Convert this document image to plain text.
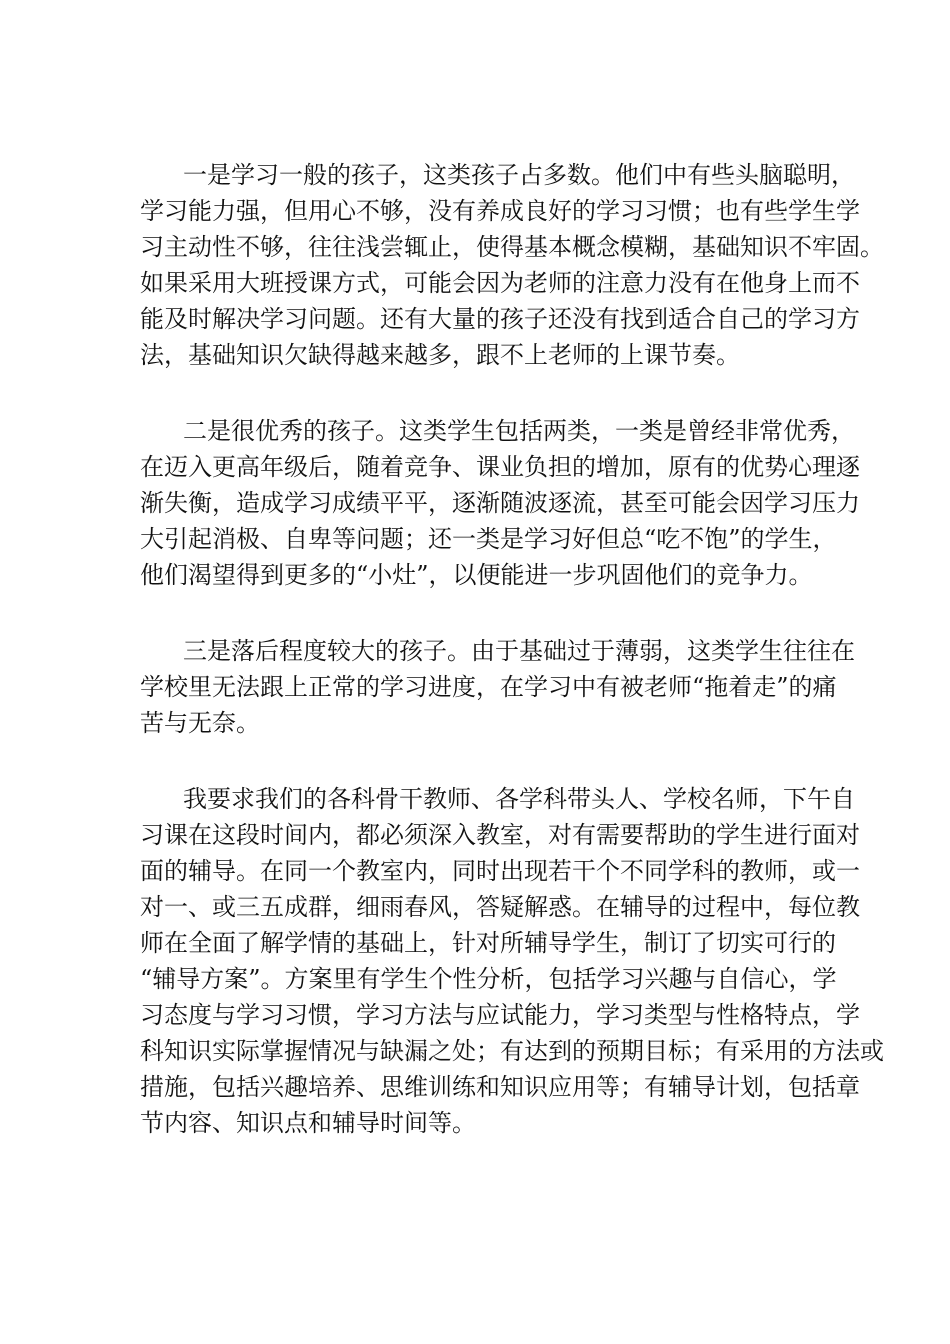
一是学习一般的孩子，这类孩子占多数。他们中有些头脑聪明，

学习能力强，但用心不够，没有养成良好的学习习惯；也有些学生学

习主动性不够，往往浅尝辄止，使得基本概念模糊，基础知识不牢固。

如果采用大班授课方式，可能会因为老师的注意力没有在他身上而不

能及时解决学习问题。还有大量的孩子还没有找到适合自己的学习方

法，基础知识欠缺得越来越多，跟不上老师的上课节奏。

二是很优秀的孩子。这类学生包括两类，一类是曾经非常优秀，

在迈入更高年级后，随着竞争、课业负担的增加，原有的优势心理逐

渐失衡，造成学习成绩平平，逐渐随波逐流，甚至可能会因学习压力

大引起消极、自卑等问题；还一类是学习好但总“吃不饱”的学生，

他们渴望得到更多的“小灶”，以便能进一步巩固他们的竞争力。

三是落后程度较大的孩子。由于基础过于薄弱，这类学生往往在

学校里无法跟上正常的学习进度，在学习中有被老师“拖着走”的痛

苦与无奈。

我要求我们的各科骨干教师、各学科带头人、学校名师，下午自

习课在这段时间内，都必须深入教室，对有需要帮助的学生进行面对

面的辅导。在同一个教室内，同时出现若干个不同学科的教师，或一

对一、或三五成群，细雨春风，答疑解惑。在辅导的过程中，每位教

师在全面了解学情的基础上，针对所辅导学生，制订了切实可行的

“辅导方案”。方案里有学生个性分析，包括学习兴趣与自信心，学

习态度与学习习惯，学习方法与应试能力，学习类型与性格特点，学

科知识实际掌握情况与缺漏之处；有达到的预期目标；有采用的方法或

措施，包括兴趣培养、思维训练和知识应用等；有辅导计划，包括章

节内容、知识点和辅导时间等。
